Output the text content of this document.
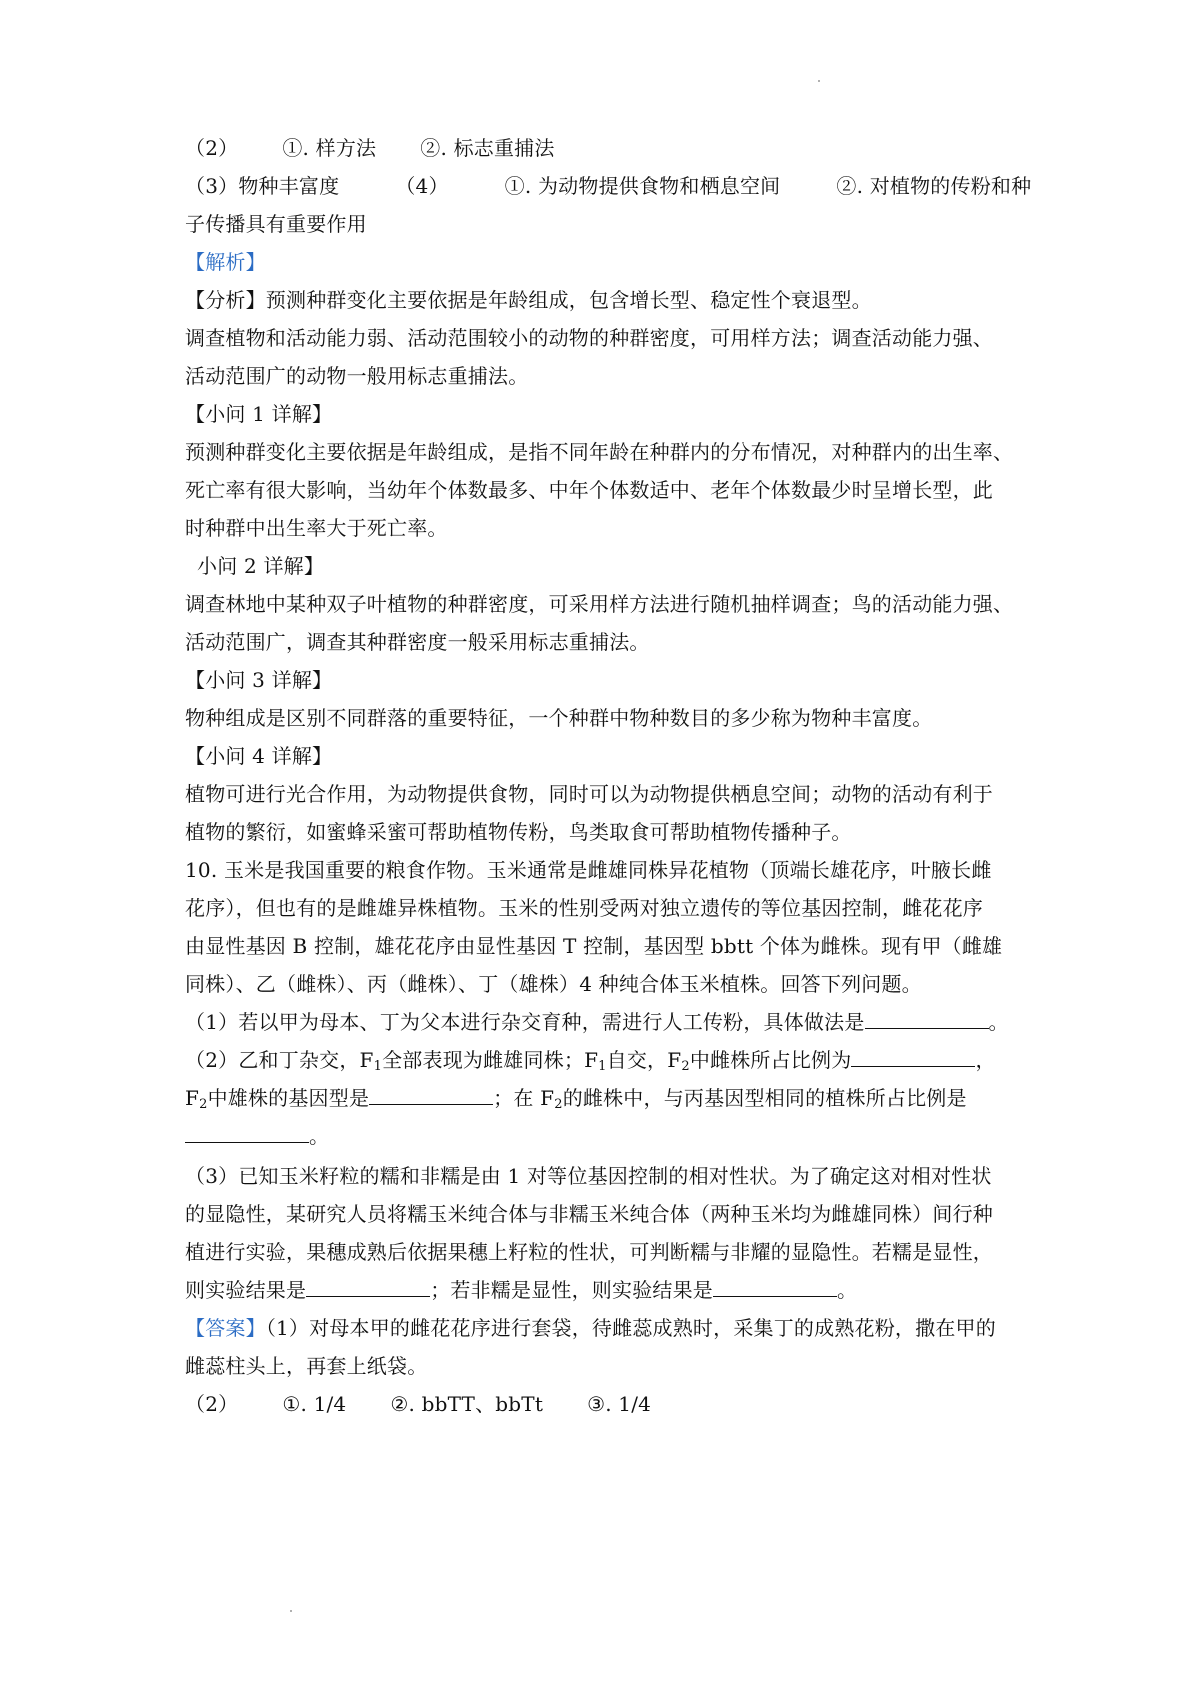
（2） ①. 样方法 ②. 标志重捕法
（3）物种丰富度	（4）	①. 为动物提供食物和栖息空间	②. 对植物的传粉和种
子传播具有重要作用
【解析】
【分析】预测种群变化主要依据是年龄组成，包含增长型、稳定性个衰退型。
调查植物和活动能力弱、活动范围较小的动物的种群密度，可用样方法；调查活动能力强、
活动范围广的动物一般用标志重捕法。
【小问 1 详解】
预测种群变化主要依据是年龄组成，是指不同年龄在种群内的分布情况，对种群内的出生率、
死亡率有很大影响，当幼年个体数最多、中年个体数适中、老年个体数最少时呈增长型，此
时种群中出生率大于死亡率。
小问 2 详解】
调查林地中某种双子叶植物的种群密度，可采用样方法进行随机抽样调查；鸟的活动能力强、
活动范围广，调查其种群密度一般采用标志重捕法。
【小问 3 详解】
物种组成是区别不同群落的重要特征，一个种群中物种数目的多少称为物种丰富度。
【小问 4 详解】
植物可进行光合作用，为动物提供食物，同时可以为动物提供栖息空间；动物的活动有利于
植物的繁衍，如蜜蜂采蜜可帮助植物传粉，鸟类取食可帮助植物传播种子。
10. 玉米是我国重要的粮食作物。玉米通常是雌雄同株异花植物（顶端长雄花序，叶腋长雌
花序），但也有的是雌雄异株植物。玉米的性别受两对独立遗传的等位基因控制，雌花花序
由显性基因 B 控制，雄花花序由显性基因 T 控制，基因型 bbtt 个体为雌株。现有甲（雌雄
同株）、乙（雌株）、丙（雌株）、丁（雄株）4 种纯合体玉米植株。回答下列问题。
（1）若以甲为母本、丁为父本进行杂交育种，需进行人工传粉，具体做法是	。
（2）乙和丁杂交，$F_1$全部表现为雌雄同株；$F_1$自交，$F_2$中雌株所占比例为	，
$F_2$中雄株的基因型是	；在 $F_2$的雌株中，与丙基因型相同的植株所占比例是
。
（3）已知玉米籽粒的糯和非糯是由 1 对等位基因控制的相对性状。为了确定这对相对性状
的显隐性，某研究人员将糯玉米纯合体与非糯玉米纯合体（两种玉米均为雌雄同株）间行种
植进行实验，果穗成熟后依据果穗上籽粒的性状，可判断糯与非耀的显隐性。若糯是显性，
则实验结果是	；若非糯是显性，则实验结果是	。
【答案】（1）对母本甲的雌花花序进行套袋，待雌蕊成熟时，采集丁的成熟花粉，撒在甲的
雌蕊柱头上，再套上纸袋。
（2） ①. 1/4 ②. bbTT、bbTt ③. 1/4
